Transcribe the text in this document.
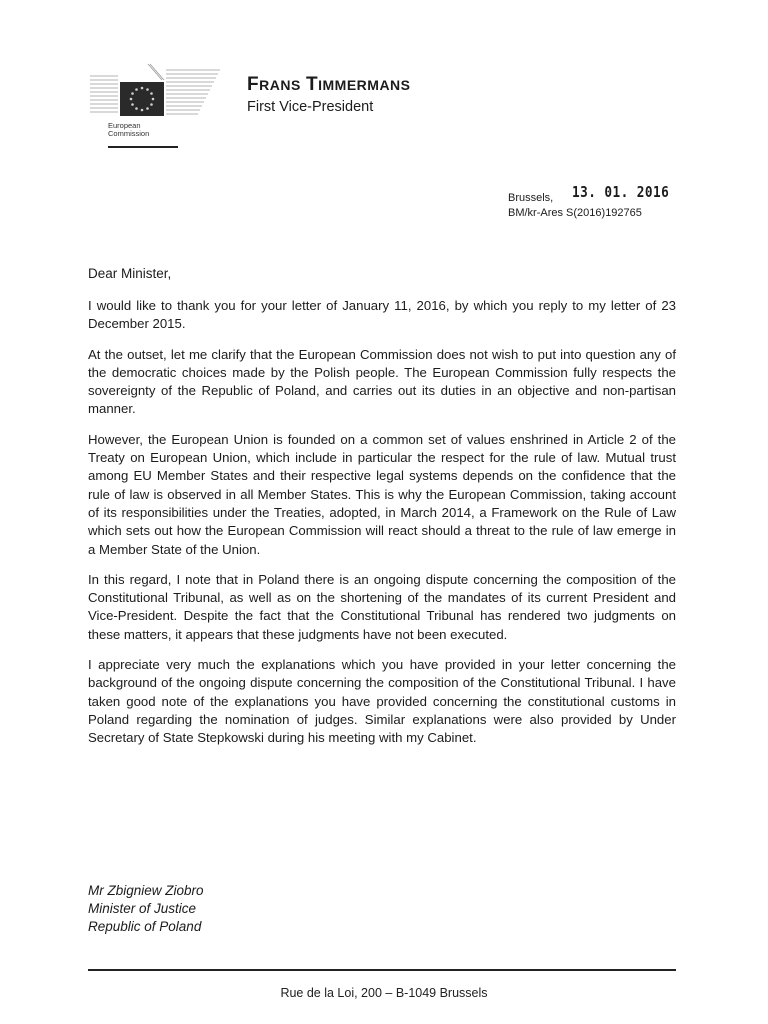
European
Commission
FRANS TIMMERMANS
First Vice-President
Brussels, 13. 01. 2016
BM/kr-Ares S(2016)192765
Dear Minister,

I would like to thank you for your letter of January 11, 2016, by which you reply to my letter of 23 December 2015.

At the outset, let me clarify that the European Commission does not wish to put into question any of the democratic choices made by the Polish people. The European Commission fully respects the sovereignty of the Republic of Poland, and carries out its duties in an objective and non-partisan manner.

However, the European Union is founded on a common set of values enshrined in Article 2 of the Treaty on European Union, which include in particular the respect for the rule of law. Mutual trust among EU Member States and their respective legal systems depends on the confidence that the rule of law is observed in all Member States. This is why the European Commission, taking account of its responsibilities under the Treaties, adopted, in March 2014, a Framework on the Rule of Law which sets out how the European Commission will react should a threat to the rule of law emerge in a Member State of the Union.

In this regard, I note that in Poland there is an ongoing dispute concerning the composition of the Constitutional Tribunal, as well as on the shortening of the mandates of its current President and Vice-President. Despite the fact that the Constitutional Tribunal has rendered two judgments on these matters, it appears that these judgments have not been executed.

I appreciate very much the explanations which you have provided in your letter concerning the background of the ongoing dispute concerning the composition of the Constitutional Tribunal. I have taken good note of the explanations you have provided concerning the constitutional customs in Poland regarding the nomination of judges. Similar explanations were also provided by Under Secretary of State Stepkowski during his meeting with my Cabinet.

Mr Zbigniew Ziobro
Minister of Justice
Republic of Poland
Rue de la Loi, 200 – B-1049 Brussels
